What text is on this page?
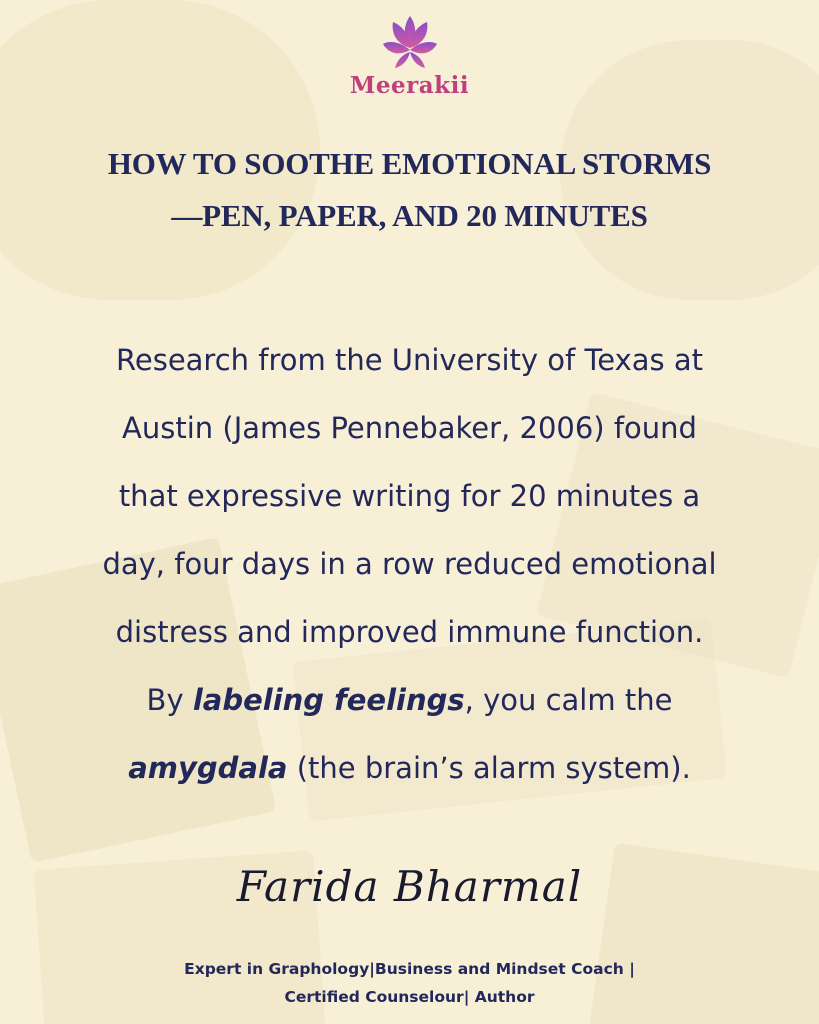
Meerakii
HOW TO SOOTHE EMOTIONAL STORMS
—PEN, PAPER, AND 20 MINUTES

Research from the University of Texas at
Austin (James Pennebaker, 2006) found
that expressive writing for 20 minutes a
day, four days in a row reduced emotional
distress and improved immune function.
By labeling feelings, you calm the
amygdala (the brain’s alarm system).

Farida Bharmal
Expert in Graphology|Business and Mindset Coach |
Certified Counselour| Author
